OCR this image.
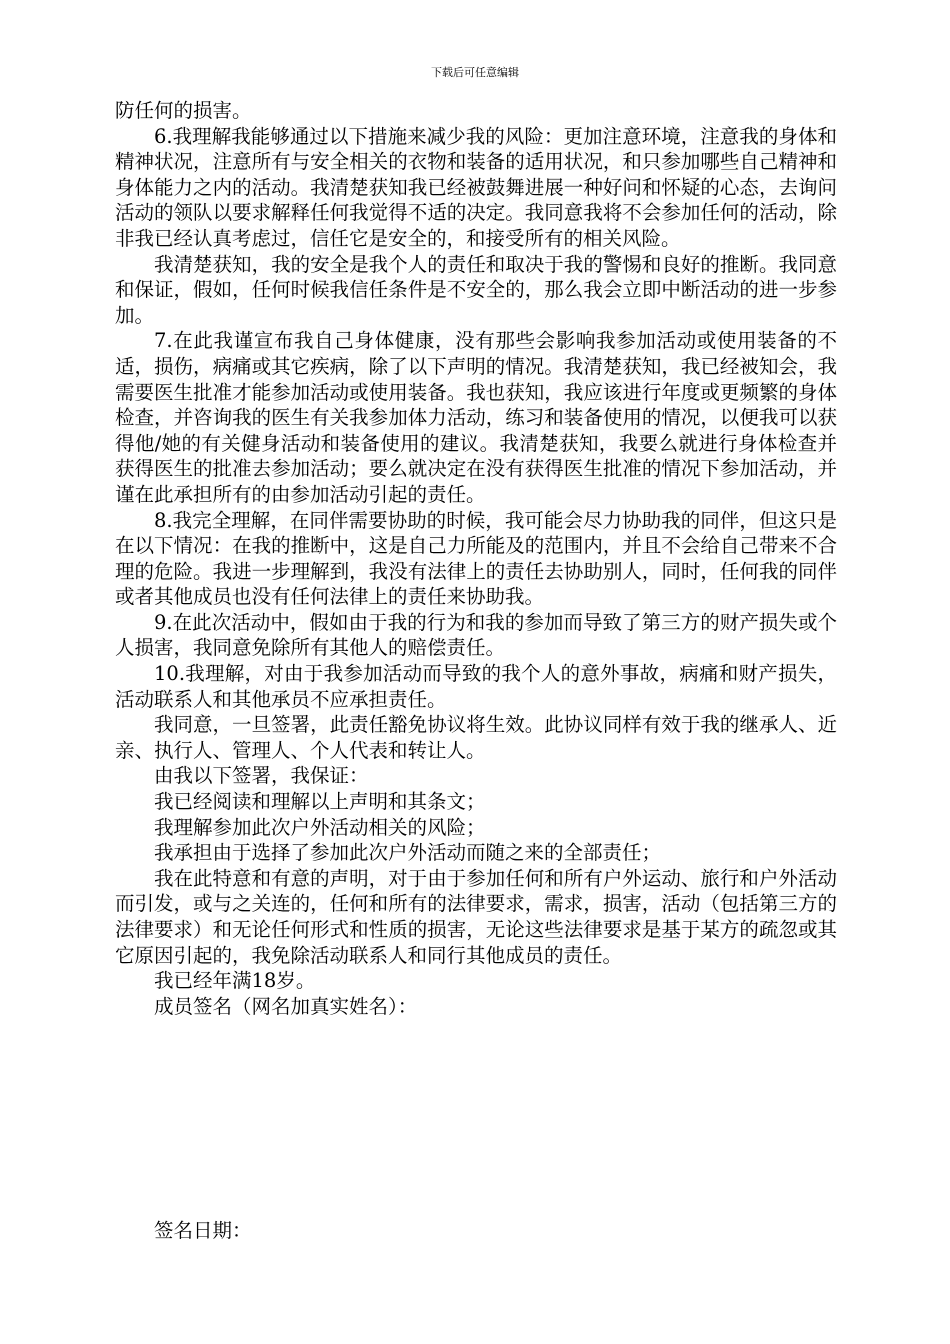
下载后可任意编辑

防任何的损害。

6.我理解我能够通过以下措施来减少我的风险：更加注意环境，注意我的身体和精神状况，注意所有与安全相关的衣物和装备的适用状况，和只参加哪些自己精神和身体能力之内的活动。我清楚获知我已经被鼓舞进展一种好问和怀疑的心态，去询问活动的领队以要求解释任何我觉得不适的决定。我同意我将不会参加任何的活动，除非我已经认真考虑过，信任它是安全的，和接受所有的相关风险。

我清楚获知，我的安全是我个人的责任和取决于我的警惕和良好的推断。我同意和保证，假如，任何时候我信任条件是不安全的，那么我会立即中断活动的进一步参加。

7.在此我谨宣布我自己身体健康，没有那些会影响我参加活动或使用装备的不适，损伤，病痛或其它疾病，除了以下声明的情况。我清楚获知，我已经被知会，我需要医生批准才能参加活动或使用装备。我也获知，我应该进行年度或更频繁的身体检查，并咨询我的医生有关我参加体力活动，练习和装备使用的情况，以便我可以获得他/她的有关健身活动和装备使用的建议。我清楚获知，我要么就进行身体检查并获得医生的批准去参加活动；要么就决定在没有获得医生批准的情况下参加活动，并谨在此承担所有的由参加活动引起的责任。

8.我完全理解，在同伴需要协助的时候，我可能会尽力协助我的同伴，但这只是在以下情况：在我的推断中，这是自己力所能及的范围内，并且不会给自己带来不合理的危险。我进一步理解到，我没有法律上的责任去协助别人，同时，任何我的同伴或者其他成员也没有任何法律上的责任来协助我。

9.在此次活动中，假如由于我的行为和我的参加而导致了第三方的财产损失或个人损害，我同意免除所有其他人的赔偿责任。

10.我理解，对由于我参加活动而导致的我个人的意外事故，病痛和财产损失，活动联系人和其他承员不应承担责任。

我同意，一旦签署，此责任豁免协议将生效。此协议同样有效于我的继承人、近亲、执行人、管理人、个人代表和转让人。

由我以下签署，我保证：

我已经阅读和理解以上声明和其条文；

我理解参加此次户外活动相关的风险；

我承担由于选择了参加此次户外活动而随之来的全部责任；

我在此特意和有意的声明，对于由于参加任何和所有户外运动、旅行和户外活动而引发，或与之关连的，任何和所有的法律要求，需求，损害，活动（包括第三方的法律要求）和无论任何形式和性质的损害，无论这些法律要求是基于某方的疏忽或其它原因引起的，我免除活动联系人和同行其他成员的责任。

我已经年满18岁。

成员签名（网名加真实姓名）：

签名日期：
